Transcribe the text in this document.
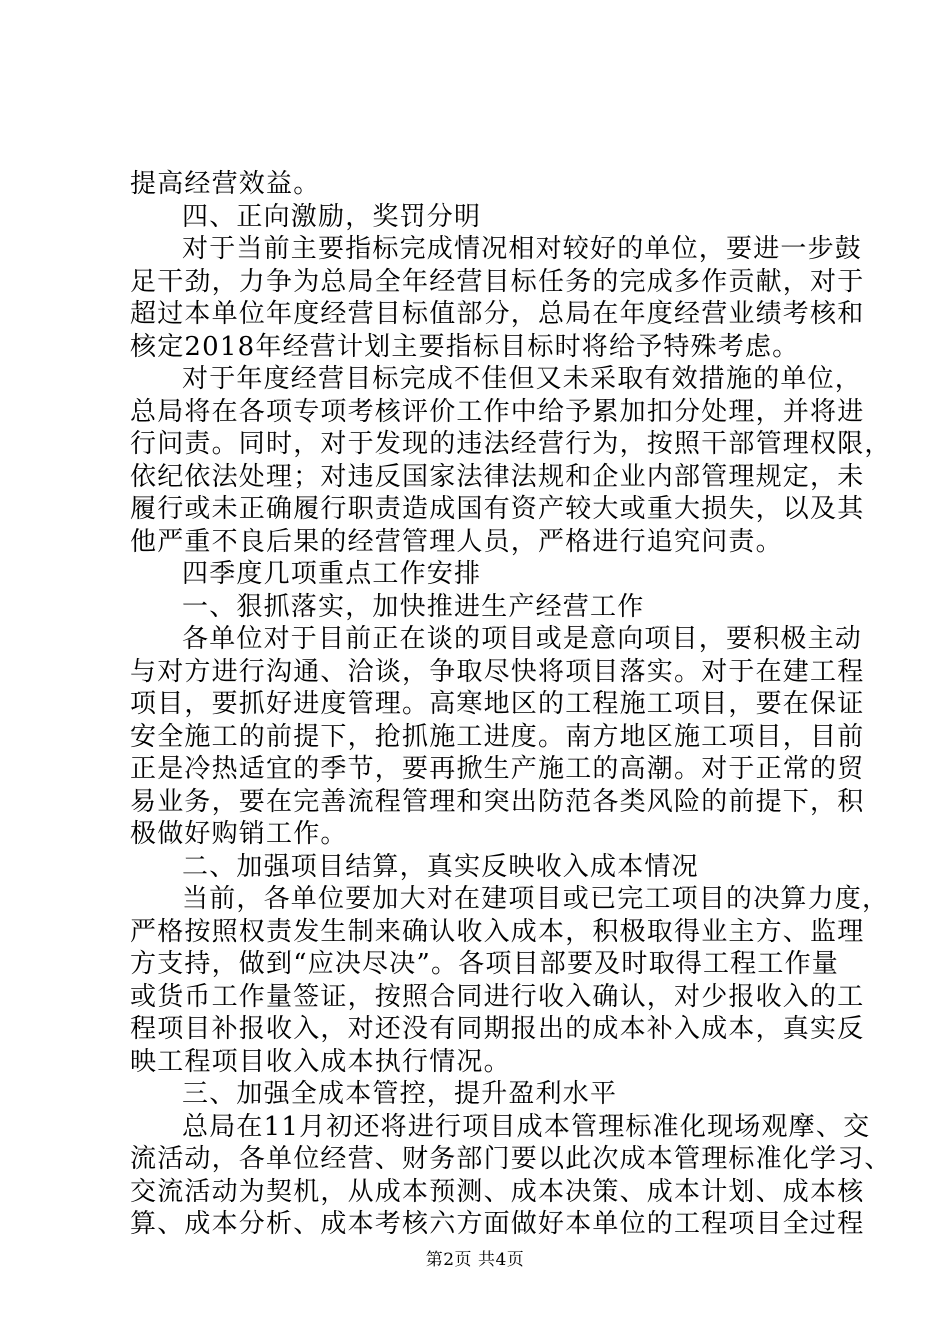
提高经营效益。
四、正向激励，奖罚分明
对于当前主要指标完成情况相对较好的单位，要进一步鼓
足干劲，力争为总局全年经营目标任务的完成多作贡献，对于
超过本单位年度经营目标值部分，总局在年度经营业绩考核和
核定2018年经营计划主要指标目标时将给予特殊考虑。
对于年度经营目标完成不佳但又未采取有效措施的单位，
总局将在各项专项考核评价工作中给予累加扣分处理，并将进
行问责。同时，对于发现的违法经营行为，按照干部管理权限，
依纪依法处理；对违反国家法律法规和企业内部管理规定，未
履行或未正确履行职责造成国有资产较大或重大损失，以及其
他严重不良后果的经营管理人员，严格进行追究问责。
四季度几项重点工作安排
一、狠抓落实，加快推进生产经营工作
各单位对于目前正在谈的项目或是意向项目，要积极主动
与对方进行沟通、洽谈，争取尽快将项目落实。对于在建工程
项目，要抓好进度管理。高寒地区的工程施工项目，要在保证
安全施工的前提下，抢抓施工进度。南方地区施工项目，目前
正是冷热适宜的季节，要再掀生产施工的高潮。对于正常的贸
易业务，要在完善流程管理和突出防范各类风险的前提下，积
极做好购销工作。
二、加强项目结算，真实反映收入成本情况
当前，各单位要加大对在建项目或已完工项目的决算力度，
严格按照权责发生制来确认收入成本，积极取得业主方、监理
方支持，做到“应决尽决”。各项目部要及时取得工程工作量
或货币工作量签证，按照合同进行收入确认，对少报收入的工
程项目补报收入，对还没有同期报出的成本补入成本，真实反
映工程项目收入成本执行情况。
三、加强全成本管控，提升盈利水平
总局在11月初还将进行项目成本管理标准化现场观摩、交
流活动，各单位经营、财务部门要以此次成本管理标准化学习、
交流活动为契机，从成本预测、成本决策、成本计划、成本核
算、成本分析、成本考核六方面做好本单位的工程项目全过程
第2页 共4页
